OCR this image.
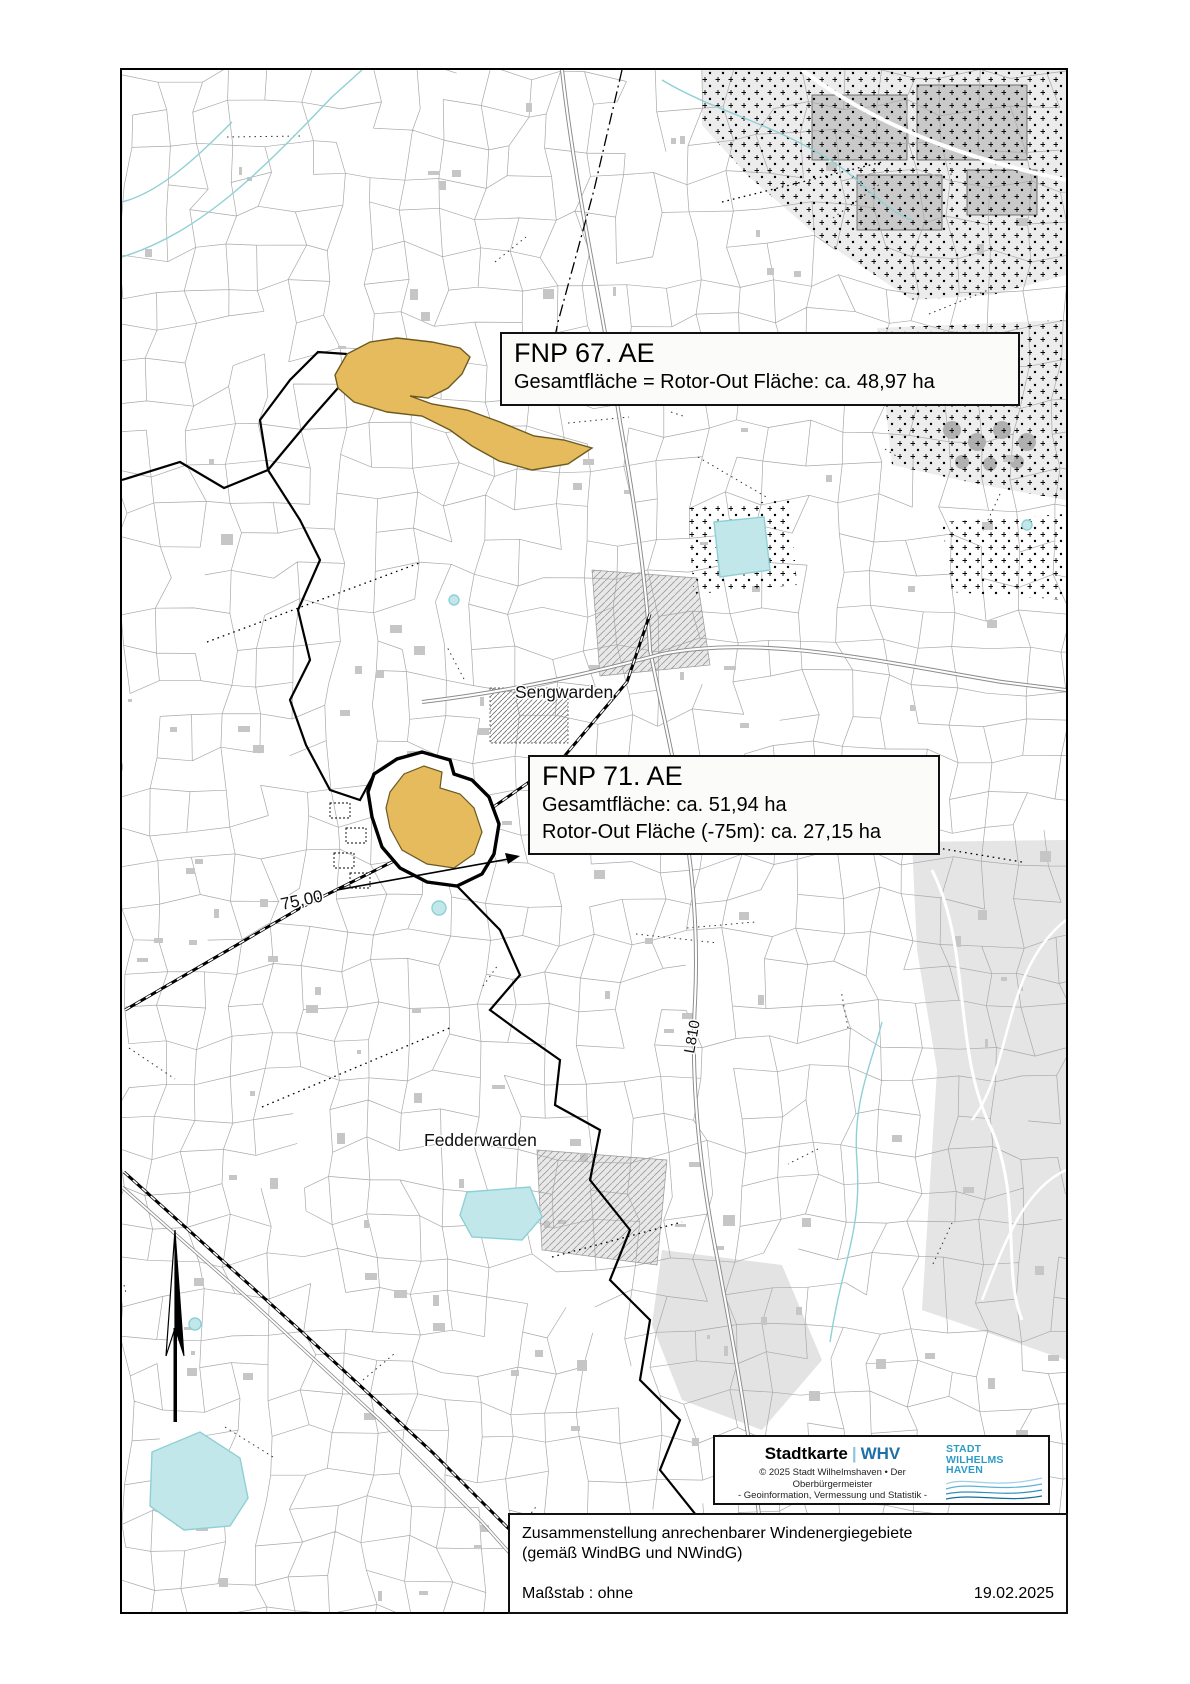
Sengwarden
Fedderwarden
L810
75,00
FNP 67. AE
Gesamtfläche = Rotor-Out Fläche: ca. 48,97 ha
FNP 71. AE
Gesamtfläche: ca. 51,94 ha
Rotor-Out Fläche (-75m): ca. 27,15 ha
Stadtkarte | WHV
© 2025 Stadt Wilhelmshaven • Der Oberbürgermeister
- Geoinformation, Vermessung und Statistik -
STADT
WILHELMS
HAVEN
Zusammenstellung anrechenbarer Windenergiegebiete
(gemäß WindBG und NWindG)
Maßstab : ohne	19.02.2025
